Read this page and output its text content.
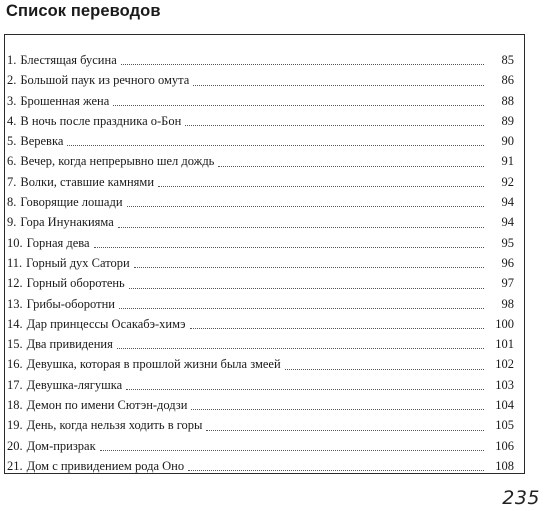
Список переводов
1. Блестящая бусина	85
2. Большой паук из речного омута	86
3. Брошенная жена	88
4. В ночь после праздника о-Бон	89
5. Веревка	90
6. Вечер, когда непрерывно шел дождь	91
7. Волки, ставшие камнями	92
8. Говорящие лошади	94
9. Гора Инунакияма	94
10. Горная дева	95
11. Горный дух Сатори	96
12. Горный оборотень	97
13. Грибы-оборотни	98
14. Дар принцессы Осакабэ-химэ	100
15. Два привидения	101
16. Девушка, которая в прошлой жизни была змеей	102
17. Девушка-лягушка	103
18. Демон по имени Сютэн-додзи	104
19. День, когда нельзя ходить в горы	105
20. Дом-призрак	106
21. Дом с привидением рода Оно	108
235
